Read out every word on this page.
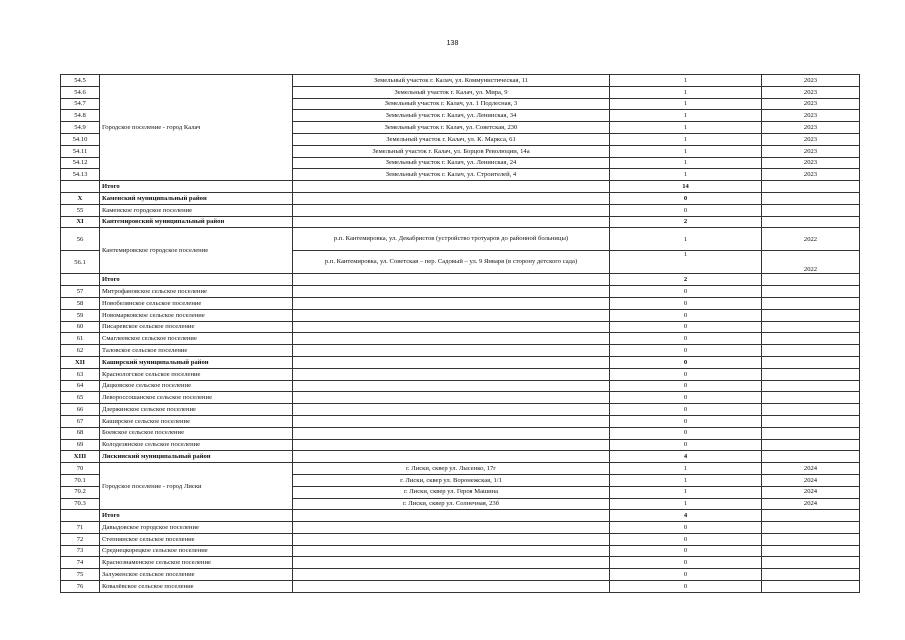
138
54.5	Городское поселение - город Калач	Земельный участок г. Калач, ул. Коммунистическая, 11	1	2023
54.6		Земельный участок г. Калач, ул. Мира, 9	1	2023
54.7		Земельный участок г. Калач, ул. 1 Подлесная, 3	1	2023
54.8		Земельный участок г. Калач, ул. Ленинская, 34	1	2023
54.9		Земельный участок г. Калач, ул. Советская, 230	1	2023
54.10		Земельный участок г. Калач, ул. К. Маркса, 61	1	2023
54.11		Земельный участок г. Калач, ул. Борцов Революции, 14а	1	2023
54.12		Земельный участок г. Калач, ул. Ленинская, 24	1	2023
54.13		Земельный участок г. Калач, ул. Строителей, 4	1	2023
	Итого		14	
X	Каменский муниципальный район		0	
55	Каменское городское поселение		0	
XI	Кантемировский муниципальный район		2	
56	Кантемировское городское поселение	р.п. Кантемировка, ул. Декабристов (устройство тротуаров до районной больницы)	1	2022
56.1		р.п. Кантемировка, ул. Советская – пер. Садовый – ул. 9 Января (в сторону детского сада)	1	2022
	Итого		2	
57	Митрофановское сельское поселение		0	
58	Новобелянское сельское поселение		0	
59	Новомарковское сельское поселение		0	
60	Писаревское сельское поселение		0	
61	Смаглеевское сельское поселение		0	
62	Таловское сельское поселение		0	
XII	Каширский муниципальный район		0	
63	Краснологское сельское поселение		0	
64	Дацковское сельское поселение		0	
65	Левороссошанское сельское поселение		0	
66	Дзержинское сельское поселение		0	
67	Каширское сельское поселение		0	
68	Боевское сельское поселение		0	
69	Колодезянское сельское поселение		0	
XIII	Лискинский муниципальный район		4	
70	Городское поселение - город Лиски	г. Лиски, сквер ул. Лысенко, 17г	1	2024
70.1		г. Лиски, сквер ул. Воронежская, 1/1	1	2024
70.2		г. Лиски, сквер ул. Героя Машина	1	2024
70.3		г. Лиски, сквер ул. Солнечная, 23б	1	2024
	Итого		4	
71	Давыдовское городское поселение		0	
72	Степнянское сельское поселение		0	
73	Среднецкорецкое сельское поселение		0	
74	Краснознаменское сельское поселение		0	
75	Залуженское сельское поселение		0	
76	Ковалёвское сельское поселение		0	
